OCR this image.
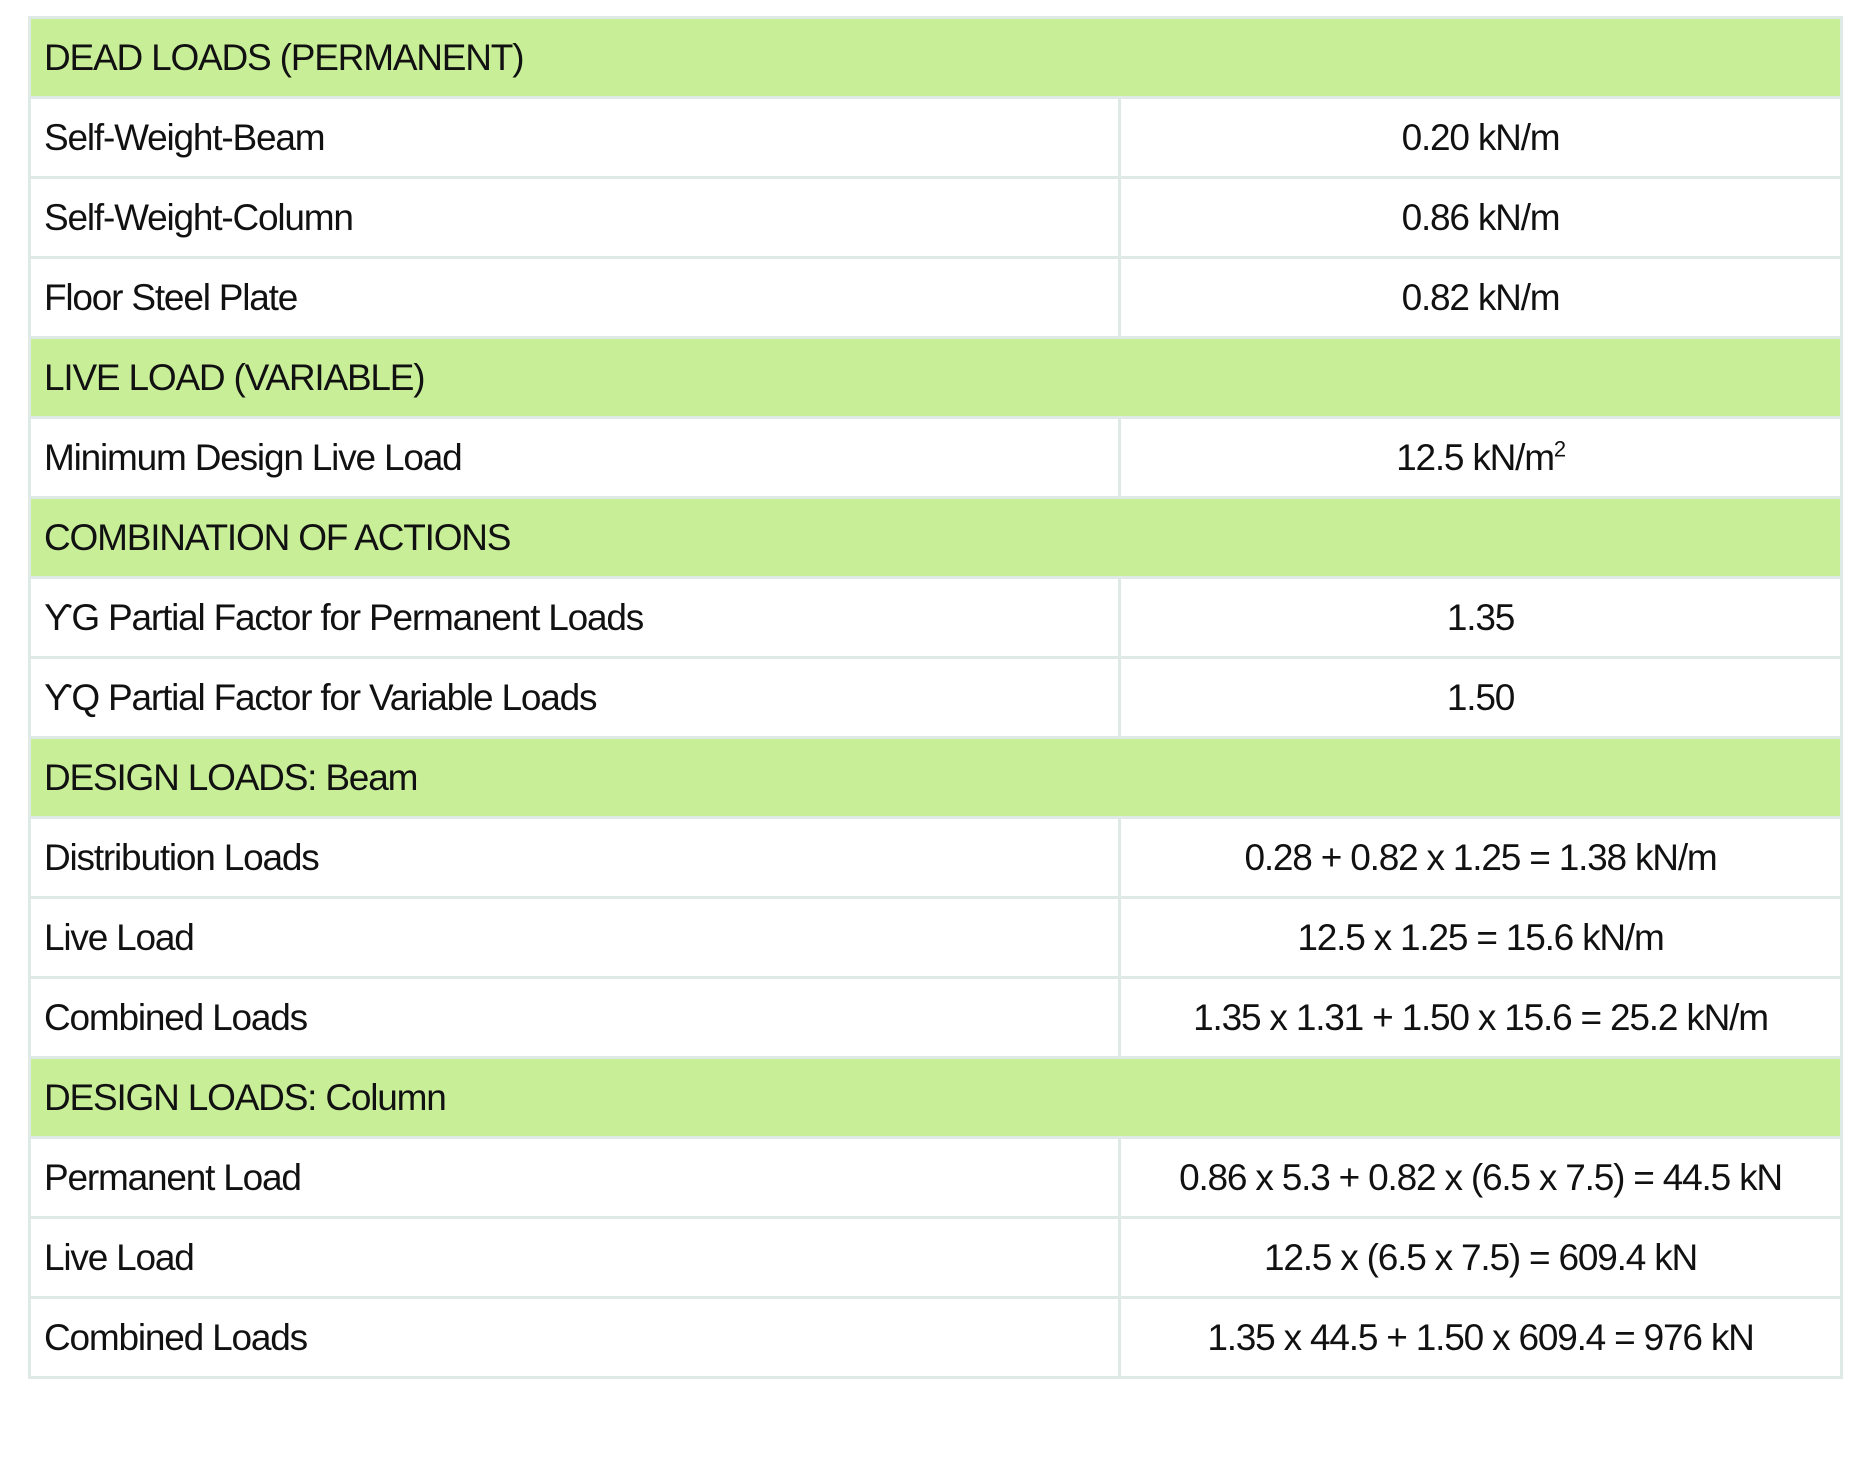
DEAD LOADS (PERMANENT)	
Self-Weight-Beam	0.20 kN/m
Self-Weight-Column	0.86 kN/m
Floor Steel Plate	0.82 kN/m
LIVE LOAD (VARIABLE)	
Minimum Design Live Load	12.5 $kN/m^2$
COMBINATION OF ACTIONS	
ϒG Partial Factor for Permanent Loads	1.35
ϒQ Partial Factor for Variable Loads	1.50
DESIGN LOADS: Beam	
Distribution Loads	0.28 + 0.82 x 1.25 = 1.38 kN/m
Live Load	12.5 x 1.25 = 15.6 kN/m
Combined Loads	1.35 x 1.31 + 1.50 x 15.6 = 25.2 kN/m
DESIGN LOADS: Column	
Permanent Load	0.86 x 5.3 + 0.82 x (6.5 x 7.5) = 44.5 kN
Live Load	12.5 x (6.5 x 7.5) = 609.4 kN
Combined Loads	1.35 x 44.5 + 1.50 x 609.4 = 976 kN
